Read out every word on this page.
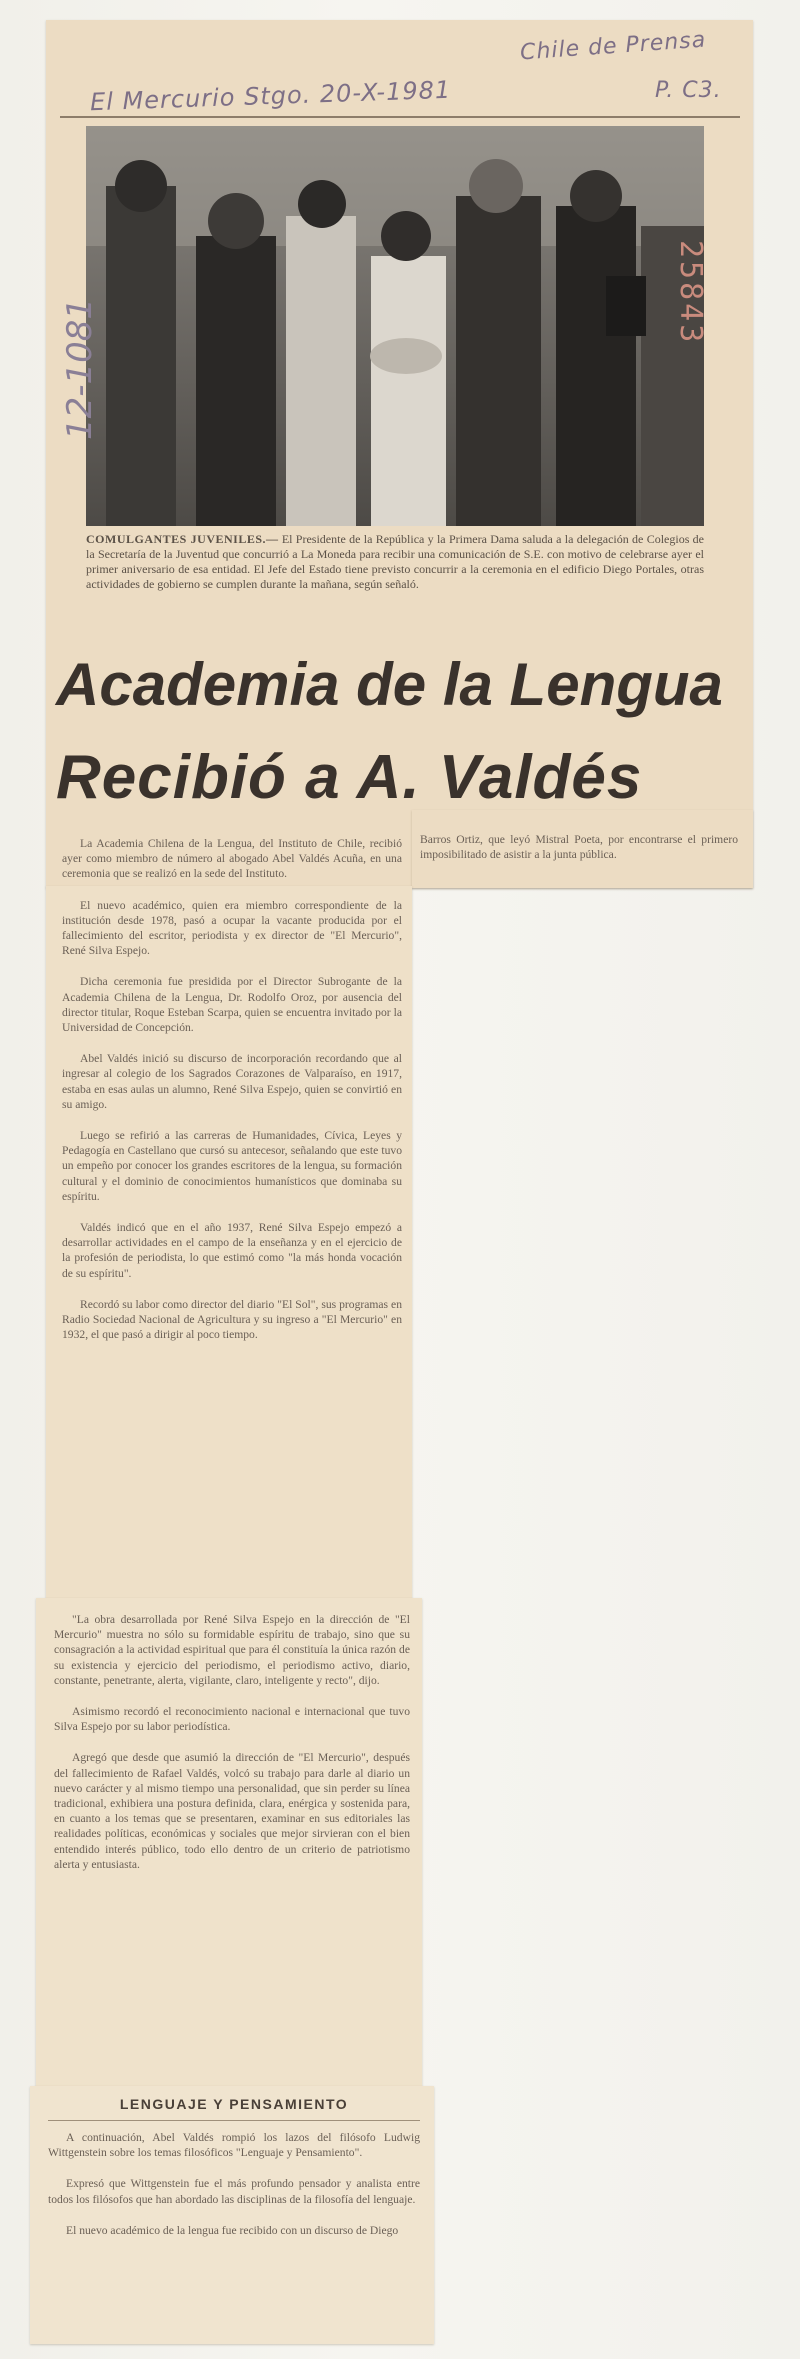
Chile de Prensa
El Mercurio Stgo. 20-X-1981	P. C3.
12-1081
25843
COMULGANTES JUVENILES.— El Presidente de la República y la Primera Dama saluda a la delegación de Colegios de la Secretaría de la Juventud que concurrió a La Moneda para recibir una comunicación de S.E. con motivo de celebrarse ayer el primer aniversario de esa entidad. El Jefe del Estado tiene previsto concurrir a la ceremonia en el edificio Diego Portales, otras actividades de gobierno se cumplen durante la mañana, según señaló.
Academia de la Lengua
Recibió a A. Valdés

Barros Ortiz, que leyó Mistral Poeta, por encontrarse el primero imposibilitado de asistir a la junta pública.

La Academia Chilena de la Lengua, del Instituto de Chile, recibió ayer como miembro de número al abogado Abel Valdés Acuña, en una ceremonia que se realizó en la sede del Instituto.

El nuevo académico, quien era miembro correspondiente de la institución desde 1978, pasó a ocupar la vacante producida por el fallecimiento del escritor, periodista y ex director de "El Mercurio", René Silva Espejo.

Dicha ceremonia fue presidida por el Director Subrogante de la Academia Chilena de la Lengua, Dr. Rodolfo Oroz, por ausencia del director titular, Roque Esteban Scarpa, quien se encuentra invitado por la Universidad de Concepción.

Abel Valdés inició su discurso de incorporación recordando que al ingresar al colegio de los Sagrados Corazones de Valparaíso, en 1917, estaba en esas aulas un alumno, René Silva Espejo, quien se convirtió en su amigo.

Luego se refirió a las carreras de Humanidades, Cívica, Leyes y Pedagogía en Castellano que cursó su antecesor, señalando que este tuvo un empeño por conocer los grandes escritores de la lengua, su formación cultural y el dominio de conocimientos humanísticos que dominaba su espíritu.

Valdés indicó que en el año 1937, René Silva Espejo empezó a desarrollar actividades en el campo de la enseñanza y en el ejercicio de la profesión de periodista, lo que estimó como "la más honda vocación de su espíritu".

Recordó su labor como director del diario "El Sol", sus programas en Radio Sociedad Nacional de Agricultura y su ingreso a "El Mercurio" en 1932, el que pasó a dirigir al poco tiempo.

"La obra desarrollada por René Silva Espejo en la dirección de "El Mercurio" muestra no sólo su formidable espíritu de trabajo, sino que su consagración a la actividad espiritual que para él constituía la única razón de su existencia y ejercicio del periodismo, el periodismo activo, diario, constante, penetrante, alerta, vigilante, claro, inteligente y recto", dijo.

Asimismo recordó el reconocimiento nacional e internacional que tuvo Silva Espejo por su labor periodística.

Agregó que desde que asumió la dirección de "El Mercurio", después del fallecimiento de Rafael Valdés, volcó su trabajo para darle al diario un nuevo carácter y al mismo tiempo una personalidad, que sin perder su línea tradicional, exhibiera una postura definida, clara, enérgica y sostenida para, en cuanto a los temas que se presentaren, examinar en sus editoriales las realidades políticas, económicas y sociales que mejor sirvieran con el bien entendido interés público, todo ello dentro de un criterio de patriotismo alerta y entusiasta.

LENGUAJE Y PENSAMIENTO

A continuación, Abel Valdés rompió los lazos del filósofo Ludwig Wittgenstein sobre los temas filosóficos "Lenguaje y Pensamiento".

Expresó que Wittgenstein fue el más profundo pensador y analista entre todos los filósofos que han abordado las disciplinas de la filosofía del lenguaje.

El nuevo académico de la lengua fue recibido con un discurso de Diego
